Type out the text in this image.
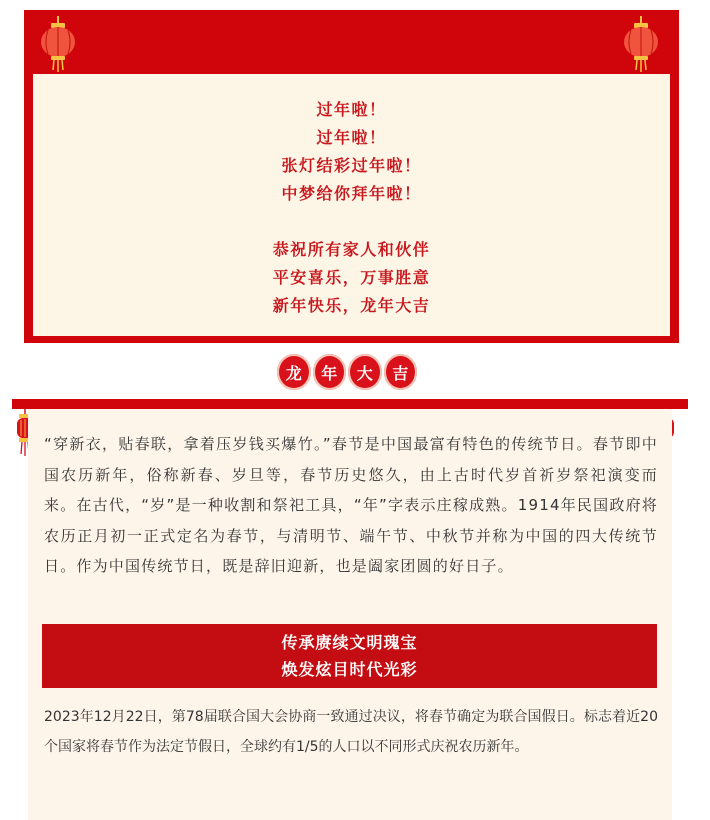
过年啦！
过年啦！
张灯结彩过年啦！
中梦给你拜年啦！
恭祝所有家人和伙伴
平安喜乐，万事胜意
新年快乐，龙年大吉
龙	年	大	吉

“穿新衣，贴春联，拿着压岁钱买爆竹。”春节是中国最富有特色的传统节日。春节即中国农历新年，俗称新春、岁旦等，春节历史悠久，由上古时代岁首祈岁祭祀演变而来。在古代，“岁”是一种收割和祭祀工具，“年”字表示庄稼成熟。1914年民国政府将农历正月初一正式定名为春节，与清明节、端午节、中秋节并称为中国的四大传统节日。作为中国传统节日，既是辞旧迎新，也是阖家团圆的好日子。

传承赓续文明瑰宝
焕发炫目时代光彩

2023年12月22日，第78届联合国大会协商一致通过决议，将春节确定为联合国假日。标志着近20个国家将春节作为法定节假日，全球约有1/5的人口以不同形式庆祝农历新年。
